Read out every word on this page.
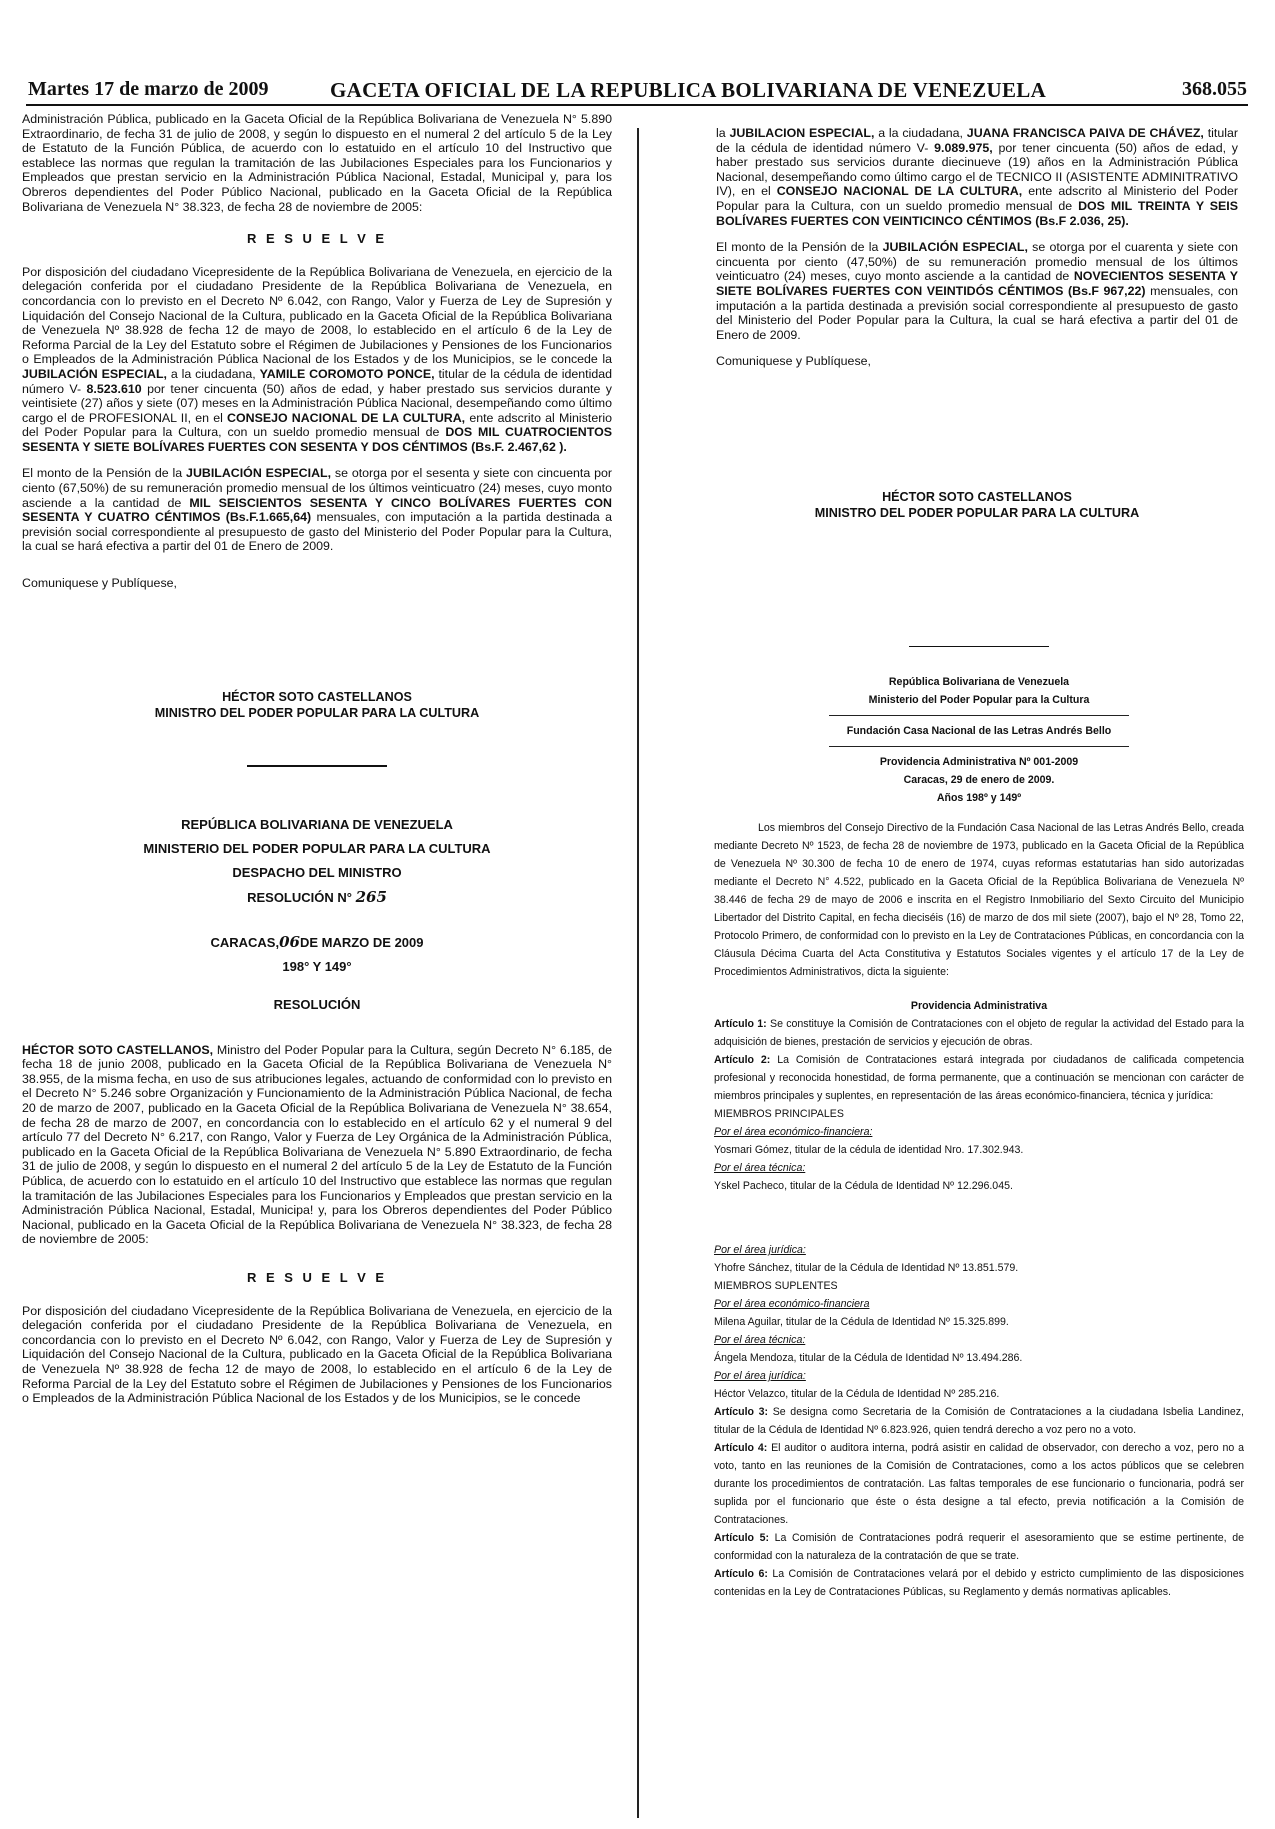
Martes 17 de marzo de 2009	GACETA OFICIAL DE LA REPUBLICA BOLIVARIANA DE VENEZUELA	368.055

Administración Pública, publicado en la Gaceta Oficial de la República Bolivariana de Venezuela N° 5.890 Extraordinario, de fecha 31 de julio de 2008, y según lo dispuesto en el numeral 2 del artículo 5 de la Ley de Estatuto de la Función Pública, de acuerdo con lo estatuido en el artículo 10 del Instructivo que establece las normas que regulan la tramitación de las Jubilaciones Especiales para los Funcionarios y Empleados que prestan servicio en la Administración Pública Nacional, Estadal, Municipal y, para los Obreros dependientes del Poder Público Nacional, publicado en la Gaceta Oficial de la República Bolivariana de Venezuela N° 38.323, de fecha 28 de noviembre de 2005:

R E S U E L V E

Por disposición del ciudadano Vicepresidente de la República Bolivariana de Venezuela, en ejercicio de la delegación conferida por el ciudadano Presidente de la República Bolivariana de Venezuela, en concordancia con lo previsto en el Decreto Nº 6.042, con Rango, Valor y Fuerza de Ley de Supresión y Liquidación del Consejo Nacional de la Cultura, publicado en la Gaceta Oficial de la República Bolivariana de Venezuela Nº 38.928 de fecha 12 de mayo de 2008, lo establecido en el artículo 6 de la Ley de Reforma Parcial de la Ley del Estatuto sobre el Régimen de Jubilaciones y Pensiones de los Funcionarios o Empleados de la Administración Pública Nacional de los Estados y de los Municipios, se le concede la JUBILACIÓN ESPECIAL, a la ciudadana, YAMILE COROMOTO PONCE, titular de la cédula de identidad número V- 8.523.610 por tener cincuenta (50) años de edad, y haber prestado sus servicios durante y veintisiete (27) años y siete (07) meses en la Administración Pública Nacional, desempeñando como último cargo el de PROFESIONAL II, en el CONSEJO NACIONAL DE LA CULTURA, ente adscrito al Ministerio del Poder Popular para la Cultura, con un sueldo promedio mensual de DOS MIL CUATROCIENTOS SESENTA Y SIETE BOLÍVARES FUERTES CON SESENTA Y DOS CÉNTIMOS (Bs.F. 2.467,62 ).

El monto de la Pensión de la JUBILACIÓN ESPECIAL, se otorga por el sesenta y siete con cincuenta por ciento (67,50%) de su remuneración promedio mensual de los últimos veinticuatro (24) meses, cuyo monto asciende a la cantidad de MIL SEISCIENTOS SESENTA Y CINCO BOLÍVARES FUERTES CON SESENTA Y CUATRO CÉNTIMOS (Bs.F.1.665,64) mensuales, con imputación a la partida destinada a previsión social correspondiente al presupuesto de gasto del Ministerio del Poder Popular para la Cultura, la cual se hará efectiva a partir del 01 de Enero de 2009.

Comuniquese y Publíquese,

HÉCTOR SOTO CASTELLANOS
MINISTRO DEL PODER POPULAR PARA LA CULTURA
REPÚBLICA BOLIVARIANA DE VENEZUELA
MINISTERIO DEL PODER POPULAR PARA LA CULTURA
DESPACHO DEL MINISTRO
RESOLUCIÓN N° 265
CARACAS,06DE MARZO DE 2009
198° Y 149°
RESOLUCIÓN

HÉCTOR SOTO CASTELLANOS, Ministro del Poder Popular para la Cultura, según Decreto N° 6.185, de fecha 18 de junio 2008, publicado en la Gaceta Oficial de la República Bolivariana de Venezuela N° 38.955, de la misma fecha, en uso de sus atribuciones legales, actuando de conformidad con lo previsto en el Decreto N° 5.246 sobre Organización y Funcionamiento de la Administración Pública Nacional, de fecha 20 de marzo de 2007, publicado en la Gaceta Oficial de la República Bolivariana de Venezuela N° 38.654, de fecha 28 de marzo de 2007, en concordancia con lo establecido en el artículo 62 y el numeral 9 del artículo 77 del Decreto N° 6.217, con Rango, Valor y Fuerza de Ley Orgánica de la Administración Pública, publicado en la Gaceta Oficial de la República Bolivariana de Venezuela N° 5.890 Extraordinario, de fecha 31 de julio de 2008, y según lo dispuesto en el numeral 2 del artículo 5 de la Ley de Estatuto de la Función Pública, de acuerdo con lo estatuido en el artículo 10 del Instructivo que establece las normas que regulan la tramitación de las Jubilaciones Especiales para los Funcionarios y Empleados que prestan servicio en la Administración Pública Nacional, Estadal, Municipa! y, para los Obreros dependientes del Poder Público Nacional, publicado en la Gaceta Oficial de la República Bolivariana de Venezuela N° 38.323, de fecha 28 de noviembre de 2005:

R E S U E L V E

Por disposición del ciudadano Vicepresidente de la República Bolivariana de Venezuela, en ejercicio de la delegación conferida por el ciudadano Presidente de la República Bolivariana de Venezuela, en concordancia con lo previsto en el Decreto Nº 6.042, con Rango, Valor y Fuerza de Ley de Supresión y Liquidación del Consejo Nacional de la Cultura, publicado en la Gaceta Oficial de la República Bolivariana de Venezuela Nº 38.928 de fecha 12 de mayo de 2008, lo establecido en el artículo 6 de la Ley de Reforma Parcial de la Ley del Estatuto sobre el Régimen de Jubilaciones y Pensiones de los Funcionarios o Empleados de la Administración Pública Nacional de los Estados y de los Municipios, se le concede

la JUBILACION ESPECIAL, a la ciudadana, JUANA FRANCISCA PAIVA DE CHÁVEZ, titular de la cédula de identidad número V- 9.089.975, por tener cincuenta (50) años de edad, y haber prestado sus servicios durante diecinueve (19) años en la Administración Pública Nacional, desempeñando como último cargo el de TECNICO II (ASISTENTE ADMINITRATIVO IV), en el CONSEJO NACIONAL DE LA CULTURA, ente adscrito al Ministerio del Poder Popular para la Cultura, con un sueldo promedio mensual de DOS MIL TREINTA Y SEIS BOLÍVARES FUERTES CON VEINTICINCO CÉNTIMOS (Bs.F 2.036, 25).

El monto de la Pensión de la JUBILACIÓN ESPECIAL, se otorga por el cuarenta y siete con cincuenta por ciento (47,50%) de su remuneración promedio mensual de los últimos veinticuatro (24) meses, cuyo monto asciende a la cantidad de NOVECIENTOS SESENTA Y SIETE BOLÍVARES FUERTES CON VEINTIDÓS CÉNTIMOS (Bs.F 967,22) mensuales, con imputación a la partida destinada a previsión social correspondiente al presupuesto de gasto del Ministerio del Poder Popular para la Cultura, la cual se hará efectiva a partir del 01 de Enero de 2009.

Comuniquese y Publíquese,

HÉCTOR SOTO CASTELLANOS
MINISTRO DEL PODER POPULAR PARA LA CULTURA
República Bolivariana de Venezuela
Ministerio del Poder Popular para la Cultura
Fundación Casa Nacional de las Letras Andrés Bello
Providencia Administrativa Nº 001-2009
Caracas, 29 de enero de 2009.
Años 198º y 149º

Los miembros del Consejo Directivo de la Fundación Casa Nacional de las Letras Andrés Bello, creada mediante Decreto Nº 1523, de fecha 28 de noviembre de 1973, publicado en la Gaceta Oficial de la República de Venezuela Nº 30.300 de fecha 10 de enero de 1974, cuyas reformas estatutarias han sido autorizadas mediante el Decreto N° 4.522, publicado en la Gaceta Oficial de la República Bolivariana de Venezuela Nº 38.446 de fecha 29 de mayo de 2006 e inscrita en el Registro Inmobiliario del Sexto Circuito del Municipio Libertador del Distrito Capital, en fecha dieciséis (16) de marzo de dos mil siete (2007), bajo el Nº 28, Tomo 22, Protocolo Primero, de conformidad con lo previsto en la Ley de Contrataciones Públicas, en concordancia con la Cláusula Décima Cuarta del Acta Constitutiva y Estatutos Sociales vigentes y el artículo 17 de la Ley de Procedimientos Administrativos, dicta la siguiente:

Providencia Administrativa

Artículo 1: Se constituye la Comisión de Contrataciones con el objeto de regular la actividad del Estado para la adquisición de bienes, prestación de servicios y ejecución de obras.

Artículo 2: La Comisión de Contrataciones estará integrada por ciudadanos de calificada competencia profesional y reconocida honestidad, de forma permanente, que a continuación se mencionan con carácter de miembros principales y suplentes, en representación de las áreas económico-financiera, técnica y jurídica:

MIEMBROS PRINCIPALES

Por el área económico-financiera:

Yosmari Gómez, titular de la cédula de identidad Nro. 17.302.943.

Por el área técnica:

Yskel Pacheco, titular de la Cédula de Identidad Nº 12.296.045.

Por el área jurídica:

Yhofre Sánchez, titular de la Cédula de Identidad Nº 13.851.579.

MIEMBROS SUPLENTES

Por el área económico-financiera

Milena Aguilar, titular de la Cédula de Identidad Nº 15.325.899.

Por el área técnica:

Ángela Mendoza, titular de la Cédula de Identidad Nº 13.494.286.

Por el área jurídica:

Héctor Velazco, titular de la Cédula de Identidad Nº 285.216.

Artículo 3: Se designa como Secretaria de la Comisión de Contrataciones a la ciudadana Isbelia Landinez, titular de la Cédula de Identidad Nº 6.823.926, quien tendrá derecho a voz pero no a voto.

Artículo 4: El auditor o auditora interna, podrá asistir en calidad de observador, con derecho a voz, pero no a voto, tanto en las reuniones de la Comisión de Contrataciones, como a los actos públicos que se celebren durante los procedimientos de contratación. Las faltas temporales de ese funcionario o funcionaria, podrá ser suplida por el funcionario que éste o ésta designe a tal efecto, previa notificación a la Comisión de Contrataciones.

Artículo 5: La Comisión de Contrataciones podrá requerir el asesoramiento que se estime pertinente, de conformidad con la naturaleza de la contratación de que se trate.

Artículo 6: La Comisión de Contrataciones velará por el debido y estricto cumplimiento de las disposiciones contenidas en la Ley de Contrataciones Públicas, su Reglamento y demás normativas aplicables.
